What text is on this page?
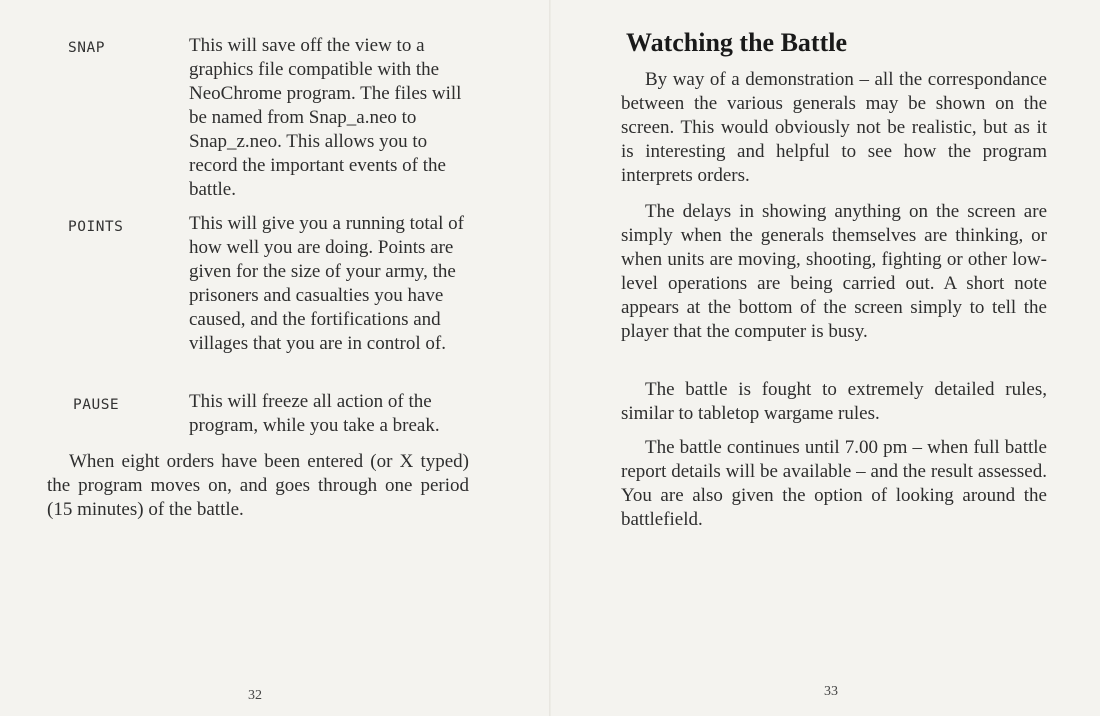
SNAP	This will save off the view to a graphics file compatible with the NeoChrome program. The files will be named from Snap_a.neo to Snap_z.neo. This allows you to record the important events of the battle.

POINTS	This will give you a running total of how well you are doing. Points are given for the size of your army, the prisoners and casualties you have caused, and the fortifications and villages that you are in control of.

PAUSE	This will freeze all action of the program, while you take a break.

When eight orders have been entered (or X typed) the program moves on, and goes through one period (15 minutes) of the battle.

32
Watching the Battle

By way of a demonstration – all the correspondance between the various generals may be shown on the screen. This would obviously not be realistic, but as it is interesting and helpful to see how the program interprets orders.

The delays in showing anything on the screen are simply when the generals themselves are thinking, or when units are moving, shooting, fighting or other low-level operations are being carried out. A short note appears at the bottom of the screen simply to tell the player that the computer is busy.

The battle is fought to extremely detailed rules, similar to tabletop wargame rules.

The battle continues until 7.00 pm – when full battle report details will be available – and the result assessed. You are also given the option of looking around the battlefield.

33
